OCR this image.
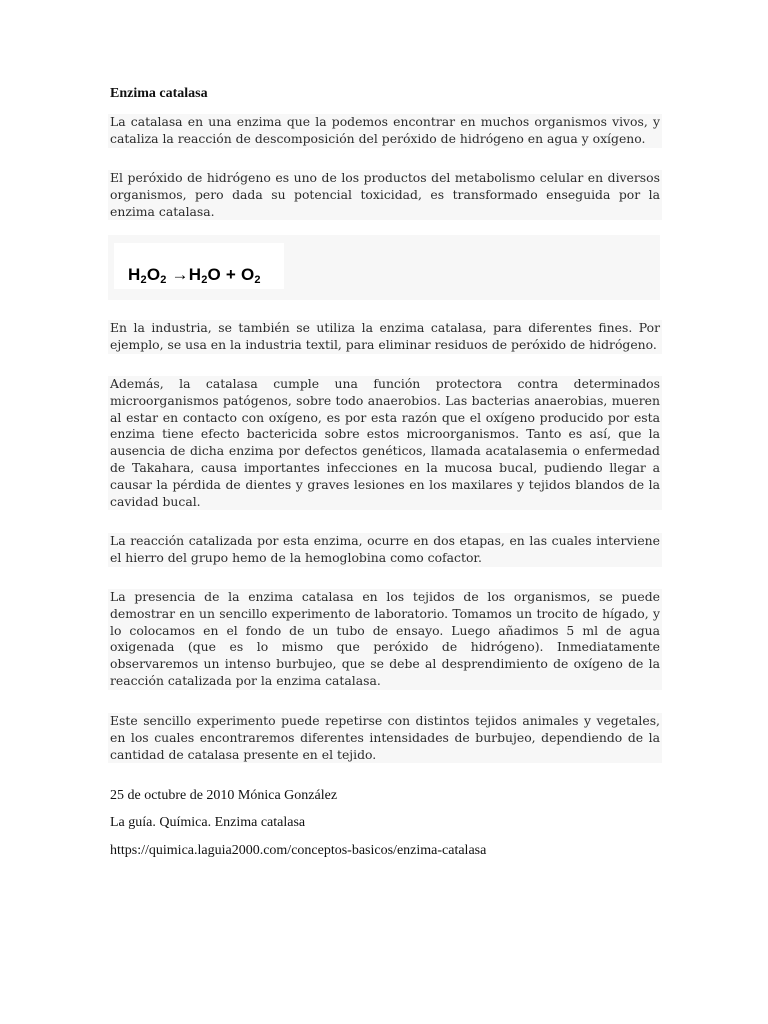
Enzima catalasa

La catalasa en una enzima que la podemos encontrar en muchos organismos vivos, y cataliza la reacción de descomposición del peróxido de hidrógeno en agua y oxígeno.

El peróxido de hidrógeno es uno de los productos del metabolismo celular en diversos organismos, pero dada su potencial toxicidad, es transformado enseguida por la enzima catalasa.

$H_2O_2 \to H_2O + O_2$

En la industria, se también se utiliza la enzima catalasa, para diferentes fines. Por ejemplo, se usa en la industria textil, para eliminar residuos de peróxido de hidrógeno.

Además, la catalasa cumple una función protectora contra determinados microorganismos patógenos, sobre todo anaerobios. Las bacterias anaerobias, mueren al estar en contacto con oxígeno, es por esta razón que el oxígeno producido por esta enzima tiene efecto bactericida sobre estos microorganismos. Tanto es así, que la ausencia de dicha enzima por defectos genéticos, llamada acatalasemia o enfermedad de Takahara, causa importantes infecciones en la mucosa bucal, pudiendo llegar a causar la pérdida de dientes y graves lesiones en los maxilares y tejidos blandos de la cavidad bucal.

La reacción catalizada por esta enzima, ocurre en dos etapas, en las cuales interviene el hierro del grupo hemo de la hemoglobina como cofactor.

La presencia de la enzima catalasa en los tejidos de los organismos, se puede demostrar en un sencillo experimento de laboratorio. Tomamos un trocito de hígado, y lo colocamos en el fondo de un tubo de ensayo. Luego añadimos 5 ml de agua oxigenada (que es lo mismo que peróxido de hidrógeno). Inmediatamente observaremos un intenso burbujeo, que se debe al desprendimiento de oxígeno de la reacción catalizada por la enzima catalasa.

Este sencillo experimento puede repetirse con distintos tejidos animales y vegetales, en los cuales encontraremos diferentes intensidades de burbujeo, dependiendo de la cantidad de catalasa presente en el tejido.

25 de octubre de 2010 Mónica González
La guía. Química. Enzima catalasa
https://quimica.laguia2000.com/conceptos-basicos/enzima-catalasa
